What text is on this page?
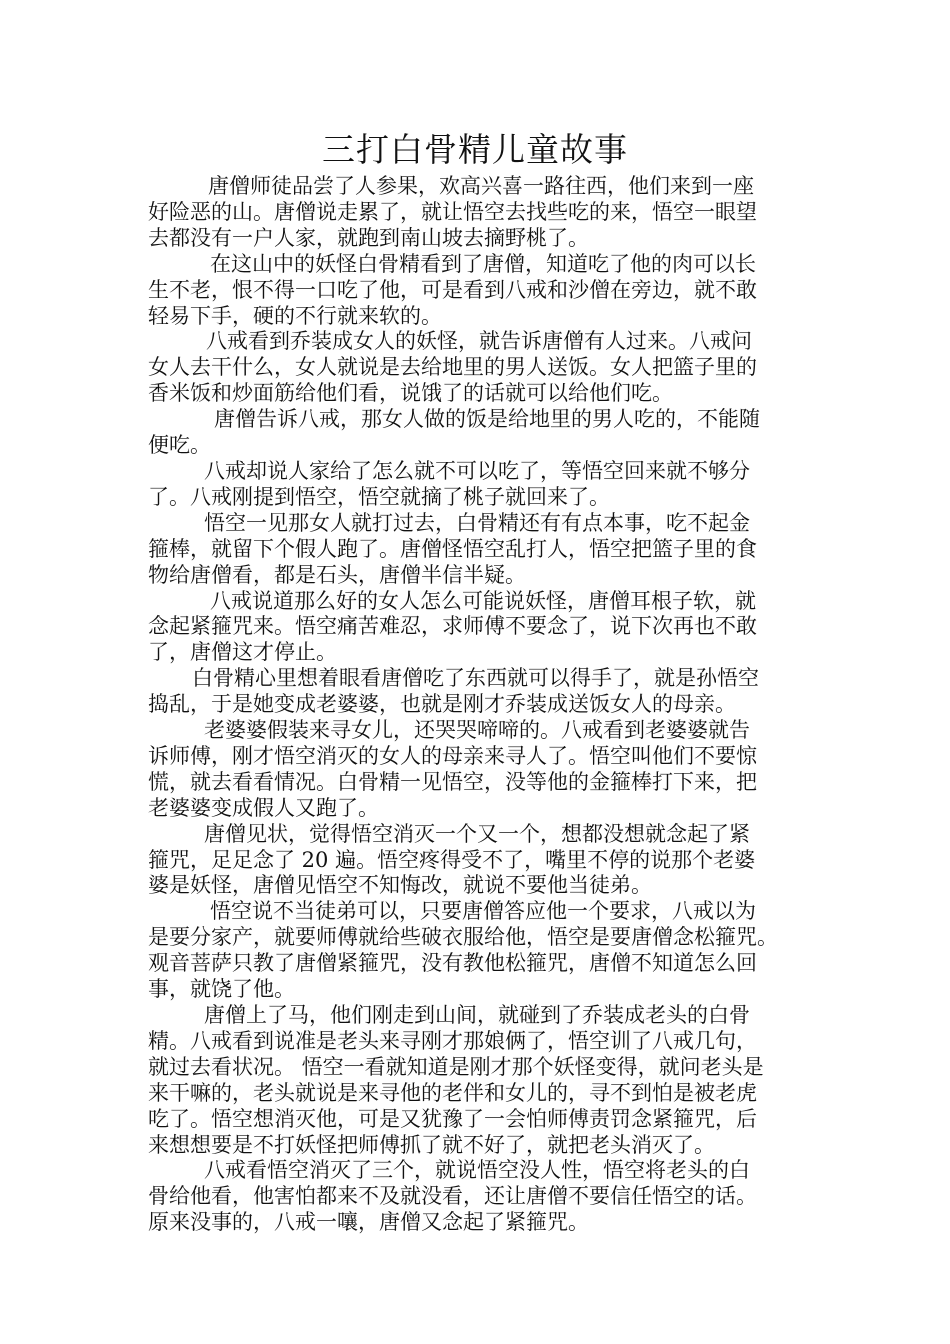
三打白骨精儿童故事

唐僧师徒品尝了人参果，欢高兴喜一路往西，他们来到一座
好险恶的山。唐僧说走累了，就让悟空去找些吃的来，悟空一眼望
去都没有一户人家，就跑到南山坡去摘野桃了。

在这山中的妖怪白骨精看到了唐僧，知道吃了他的肉可以长
生不老，恨不得一口吃了他，可是看到八戒和沙僧在旁边，就不敢
轻易下手，硬的不行就来软的。

八戒看到乔装成女人的妖怪，就告诉唐僧有人过来。八戒问
女人去干什么，女人就说是去给地里的男人送饭。女人把篮子里的
香米饭和炒面筋给他们看，说饿了的话就可以给他们吃。

唐僧告诉八戒，那女人做的饭是给地里的男人吃的，不能随
便吃。

八戒却说人家给了怎么就不可以吃了，等悟空回来就不够分
了。八戒刚提到悟空，悟空就摘了桃子就回来了。

悟空一见那女人就打过去，白骨精还有有点本事，吃不起金
箍棒，就留下个假人跑了。唐僧怪悟空乱打人，悟空把篮子里的食
物给唐僧看，都是石头，唐僧半信半疑。

八戒说道那么好的女人怎么可能说妖怪，唐僧耳根子软，就
念起紧箍咒来。悟空痛苦难忍，求师傅不要念了，说下次再也不敢
了，唐僧这才停止。

白骨精心里想着眼看唐僧吃了东西就可以得手了，就是孙悟空
捣乱，于是她变成老婆婆，也就是刚才乔装成送饭女人的母亲。

老婆婆假装来寻女儿，还哭哭啼啼的。八戒看到老婆婆就告
诉师傅，刚才悟空消灭的女人的母亲来寻人了。悟空叫他们不要惊
慌，就去看看情况。白骨精一见悟空，没等他的金箍棒打下来，把
老婆婆变成假人又跑了。

唐僧见状，觉得悟空消灭一个又一个，想都没想就念起了紧
箍咒，足足念了 20 遍。悟空疼得受不了，嘴里不停的说那个老婆
婆是妖怪，唐僧见悟空不知悔改，就说不要他当徒弟。

悟空说不当徒弟可以，只要唐僧答应他一个要求，八戒以为
是要分家产，就要师傅就给些破衣服给他，悟空是要唐僧念松箍咒。
观音菩萨只教了唐僧紧箍咒，没有教他松箍咒，唐僧不知道怎么回
事，就饶了他。

唐僧上了马，他们刚走到山间，就碰到了乔装成老头的白骨
精。八戒看到说准是老头来寻刚才那娘俩了，悟空训了八戒几句，
就过去看状况。 悟空一看就知道是刚才那个妖怪变得，就问老头是
来干嘛的，老头就说是来寻他的老伴和女儿的，寻不到怕是被老虎
吃了。悟空想消灭他，可是又犹豫了一会怕师傅责罚念紧箍咒，后
来想想要是不打妖怪把师傅抓了就不好了，就把老头消灭了。

八戒看悟空消灭了三个，就说悟空没人性，悟空将老头的白
骨给他看，他害怕都来不及就没看，还让唐僧不要信任悟空的话。
原来没事的，八戒一嚷，唐僧又念起了紧箍咒。
